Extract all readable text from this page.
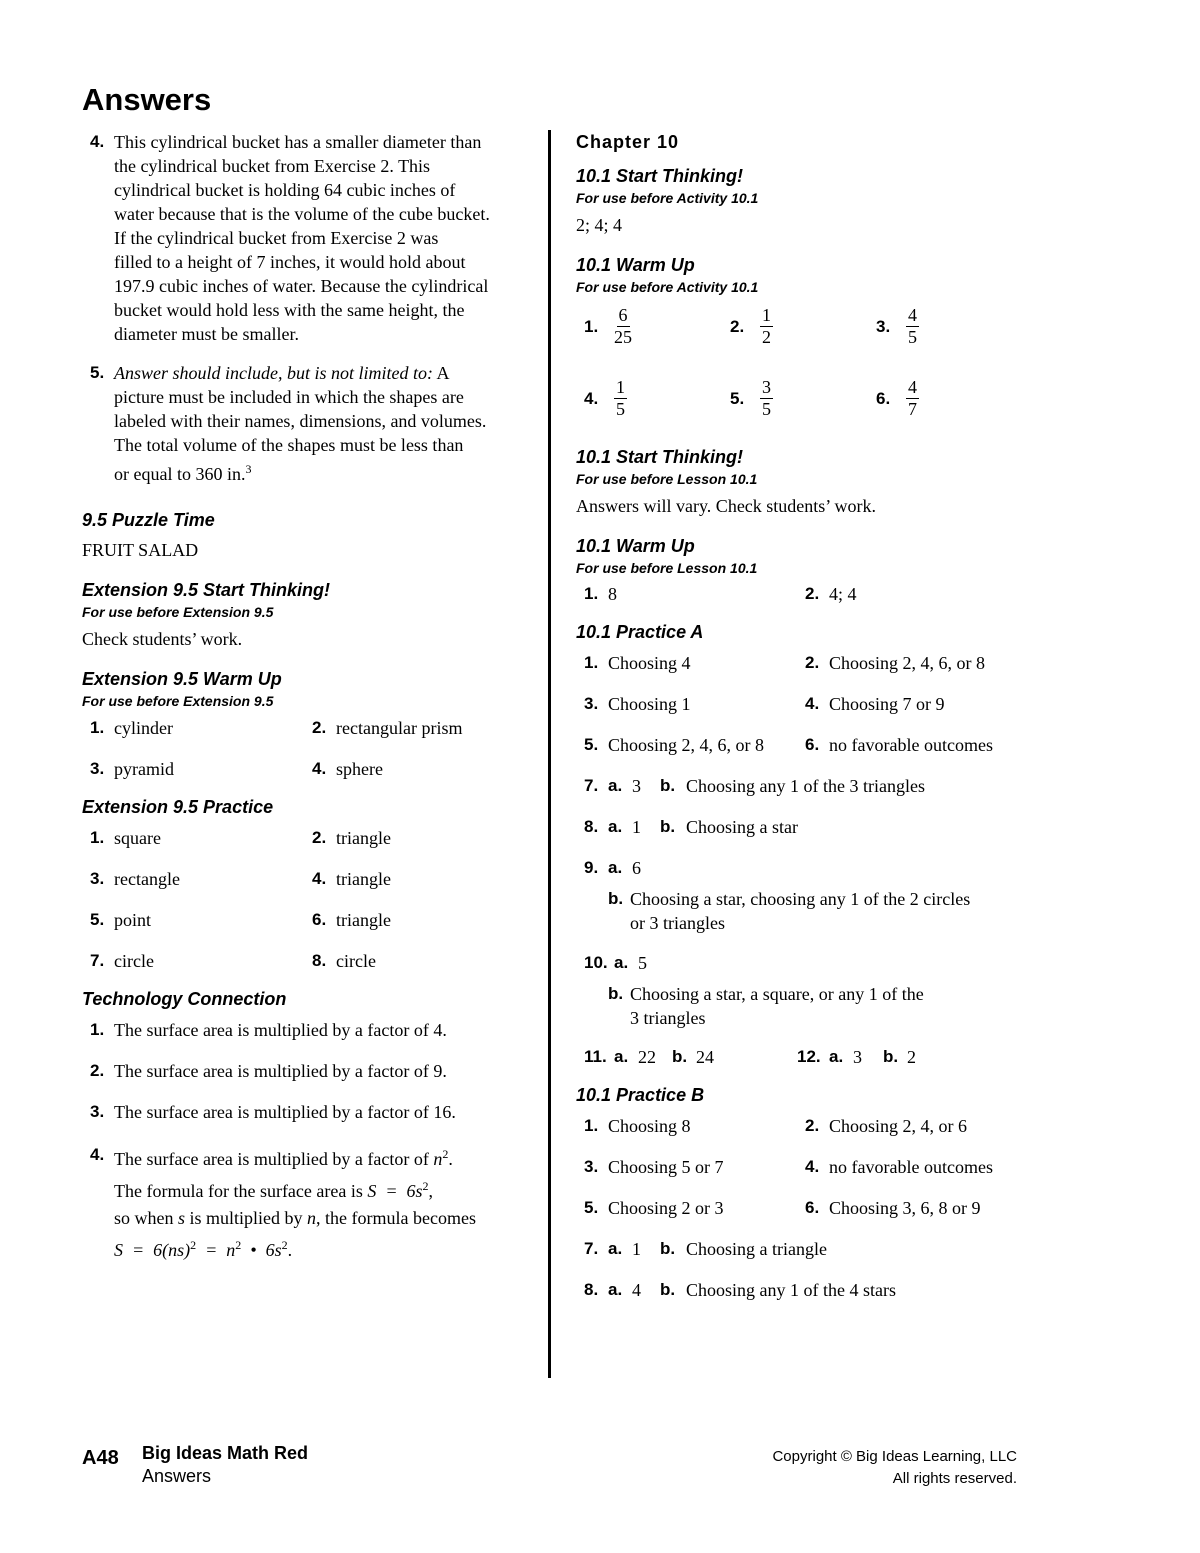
Answers
4. This cylindrical bucket has a smaller diameter than
the cylindrical bucket from Exercise 2. This
cylindrical bucket is holding 64 cubic inches of
water because that is the volume of the cube bucket.
If the cylindrical bucket from Exercise 2 was
filled to a height of 7 inches, it would hold about
197.9 cubic inches of water. Because the cylindrical
bucket would hold less with the same height, the
diameter must be smaller.
5. Answer should include, but is not limited to: A
picture must be included in which the shapes are
labeled with their names, dimensions, and volumes.
The total volume of the shapes must be less than
or equal to 360 in.$^3$
9.5 Puzzle Time

FRUIT SALAD

Extension 9.5 Start Thinking!
For use before Extension 9.5

Check students’ work.

Extension 9.5 Warm Up
For use before Extension 9.5
1. cylinder	2. rectangular prism
3. pyramid	4. sphere
Extension 9.5 Practice
1. square	2. triangle
3. rectangle	4. triangle
5. point	6. triangle
7. circle	8. circle
Technology Connection
1. The surface area is multiplied by a factor of 4.
2. The surface area is multiplied by a factor of 9.
3. The surface area is multiplied by a factor of 16.
4. The surface area is multiplied by a factor of $n^2$.
The formula for the surface area is $S = 6s^2$,
so when s is multiplied by n, the formula becomes
$S = 6(ns)^2 = n^2$  •  $6s^2$.
Chapter 10
10.1 Start Thinking!
For use before Activity 10.1

2; 4; 4

10.1 Warm Up
For use before Activity 10.1
1. $\frac{6}{25}$	2. $\frac{1}{2}$	3. $\frac{4}{5}$
4. $\frac{1}{5}$	5. $\frac{3}{5}$	6. $\frac{4}{7}$
10.1 Start Thinking!
For use before Lesson 10.1

Answers will vary. Check students’ work.

10.1 Warm Up
For use before Lesson 10.1
1. 8	2. 4; 4
10.1 Practice A
1. Choosing 4	2. Choosing 2, 4, 6, or 8
3. Choosing 1	4. Choosing 7 or 9
5. Choosing 2, 4, 6, or 8 6. no favorable outcomes
7. a. 3	b. Choosing any 1 of the 3 triangles
8. a. 1	b. Choosing a star
9. a. 6
b. Choosing a star, choosing any 1 of the 2 circles
or 3 triangles
10. a. 5
b. Choosing a star, a square, or any 1 of the
3 triangles
11. a. 22 b. 24	12. a. 3	b. 2
10.1 Practice B
1. Choosing 8	2. Choosing 2, 4, or 6
3. Choosing 5 or 7	4. no favorable outcomes
5. Choosing 2 or 3	6. Choosing 3, 6, 8 or 9
7. a. 1	b. Choosing a triangle
8. a. 4	b. Choosing any 1 of the 4 stars
A48 Big Ideas Math Red
Answers
Copyright © Big Ideas Learning, LLC
All rights reserved.
